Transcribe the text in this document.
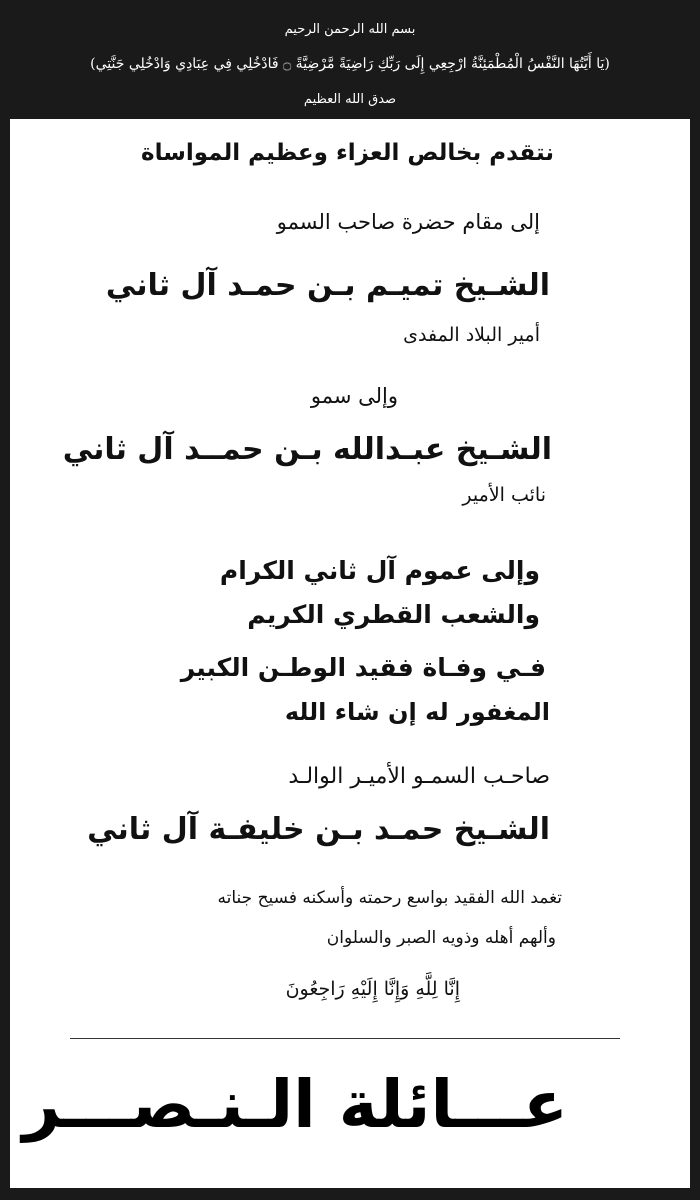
بسم الله الرحمن الرحيم
(يَا أَيَّتُهَا النَّفْسُ الْمُطْمَئِنَّةُ ارْجِعِي إِلَى رَبِّكِ رَاضِيَةً مَّرْضِيَّةً ۝ فَادْخُلِي فِي عِبَادِي وَادْخُلِي جَنَّتِي)
صدق الله العظيم
نتقدم بخالص العزاء وعظيم المواساة
إلى مقام حضرة صاحب السمو
الشـيخ تميـم بـن حمـد آل ثاني
أمير البلاد المفدى
وإلى سمو
الشـيخ عبـدالله بـن حمــد آل ثاني
نائب الأمير
وإلى عموم آل ثاني الكرام
والشعب القطري الكريم
فـي وفـاة فقيد الوطـن الكبير
المغفور له إن شاء الله
صاحـب السمـو الأميـر الوالـد
الشـيخ حمـد بـن خليفـة آل ثاني
تغمد الله الفقيد بواسع رحمته وأسكنه فسيح جناته
وألهم أهله وذويه الصبر والسلوان
إِنَّا لِلَّهِ وَإِنَّا إِلَيْهِ رَاجِعُونَ
عـــائلة الـنـصـــر
